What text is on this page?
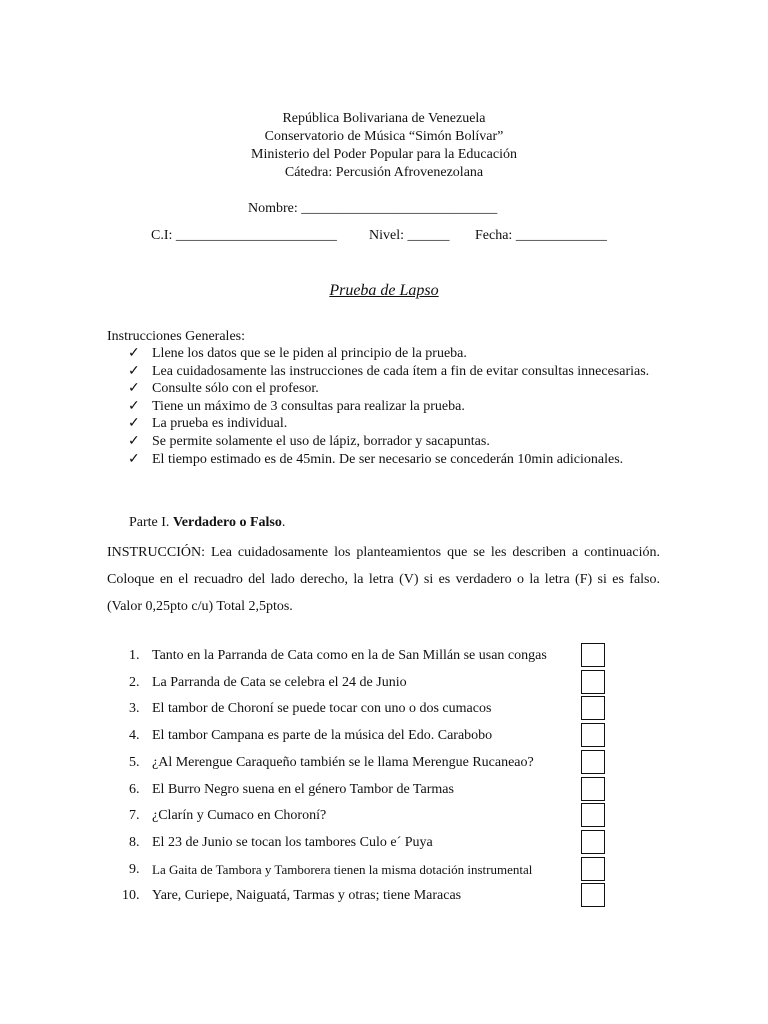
República Bolivariana de Venezuela
Conservatorio de Música “Simón Bolívar”
Ministerio del Poder Popular para la Educación
Cátedra: Percusión Afrovenezolana
Nombre: ____________________________
C.I: _______________________ Nivel: ______ Fecha: _____________
Prueba de Lapso
Instrucciones Generales:
✓ Llene los datos que se le piden al principio de la prueba.
✓ Lea cuidadosamente las instrucciones de cada ítem a fin de evitar consultas innecesarias.
✓ Consulte sólo con el profesor.
✓ Tiene un máximo de 3 consultas para realizar la prueba.
✓ La prueba es individual.
✓ Se permite solamente el uso de lápiz, borrador y sacapuntas.
✓ El tiempo estimado es de 45min. De ser necesario se concederán 10min adicionales.
Parte I. Verdadero o Falso.
INSTRUCCIÓN: Lea cuidadosamente los planteamientos que se les describen a continuación. Coloque en el recuadro del lado derecho, la letra (V) si es verdadero o la letra (F) si es falso. (Valor 0,25pto c/u) Total 2,5ptos.
1. Tanto en la Parranda de Cata como en la de San Millán se usan congas
2. La Parranda de Cata se celebra el 24 de Junio
3. El tambor de Choroní se puede tocar con uno o dos cumacos
4. El tambor Campana es parte de la música del Edo. Carabobo
5. ¿Al Merengue Caraqueño también se le llama Merengue Rucaneao?
6. El Burro Negro suena en el género Tambor de Tarmas
7. ¿Clarín y Cumaco en Choroní?
8. El 23 de Junio se tocan los tambores Culo e´ Puya
9. La Gaita de Tambora y Tamborera tienen la misma dotación instrumental
10. Yare, Curiepe, Naiguatá, Tarmas y otras; tiene Maracas
